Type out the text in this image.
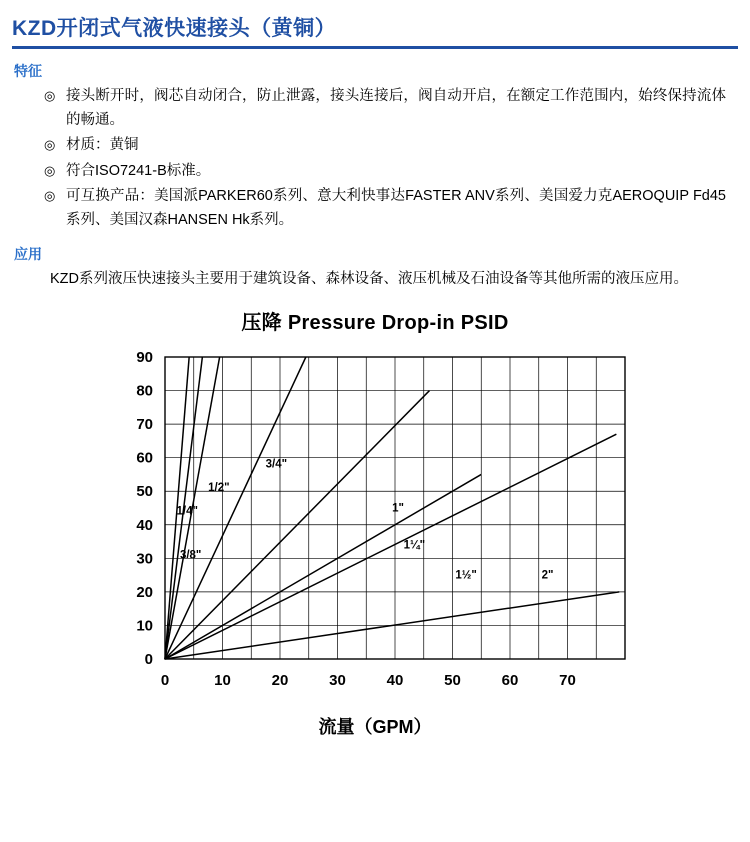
KZD开闭式气液快速接头（黄铜）
特征
◎ 接头断开时，阀芯自动闭合，防止泄露，接头连接后，阀自动开启，在额定工作范围内，始终保持流体的畅通。
◎ 材质：黄铜
◎ 符合ISO7241-B标准。
◎ 可互换产品：美国派PARKER60系列、意大利快事达FASTER ANV系列、美国爱力克AEROQUIP Fd45系列、美国汉森HANSEN Hk系列。
应用
KZD系列液压快速接头主要用于建筑设备、森林设备、液压机械及石油设备等其他所需的液压应用。
压降 Pressure Drop-in PSID
0
10
20
30
40
50
60
70
80
90
0	10	20	30	40	50	60	70
1/4"
3/8"
1/2"
3/4"
1"
1¼"
1½"	2"
流量（GPM）
